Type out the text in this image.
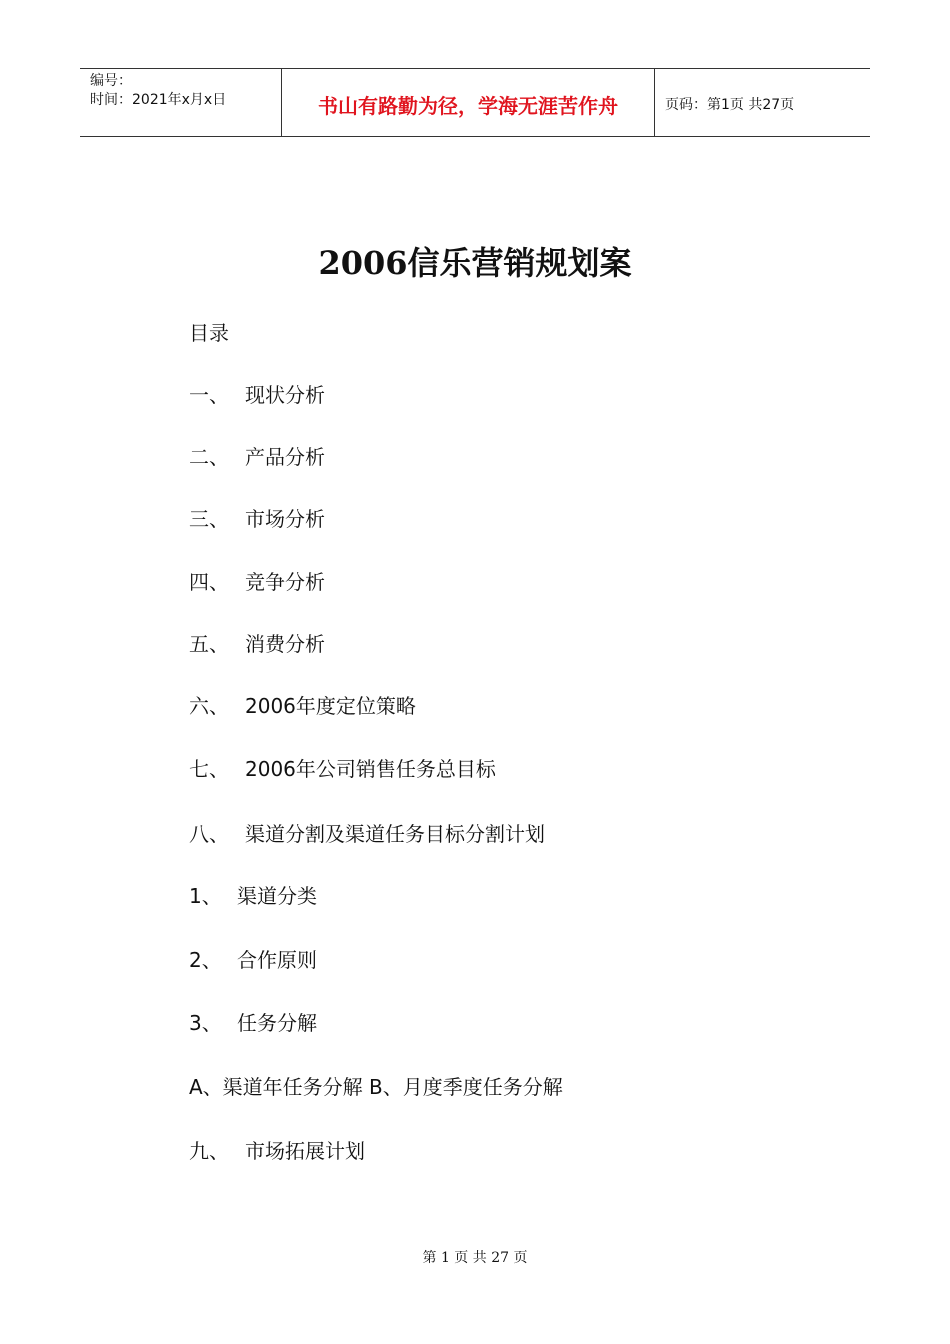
编号：
时间：2021年x月x日	书山有路勤为径，学海无涯苦作舟	页码：第1页 共27页
2006信乐营销规划案
目录
一、 现状分析
二、 产品分析
三、 市场分析
四、 竞争分析
五、 消费分析
六、 2006年度定位策略
七、 2006年公司销售任务总目标
八、 渠道分割及渠道任务目标分割计划
1、 渠道分类
2、 合作原则
3、 任务分解
A、渠道年任务分解 B、月度季度任务分解
九、 市场拓展计划
第 1 页 共 27 页
